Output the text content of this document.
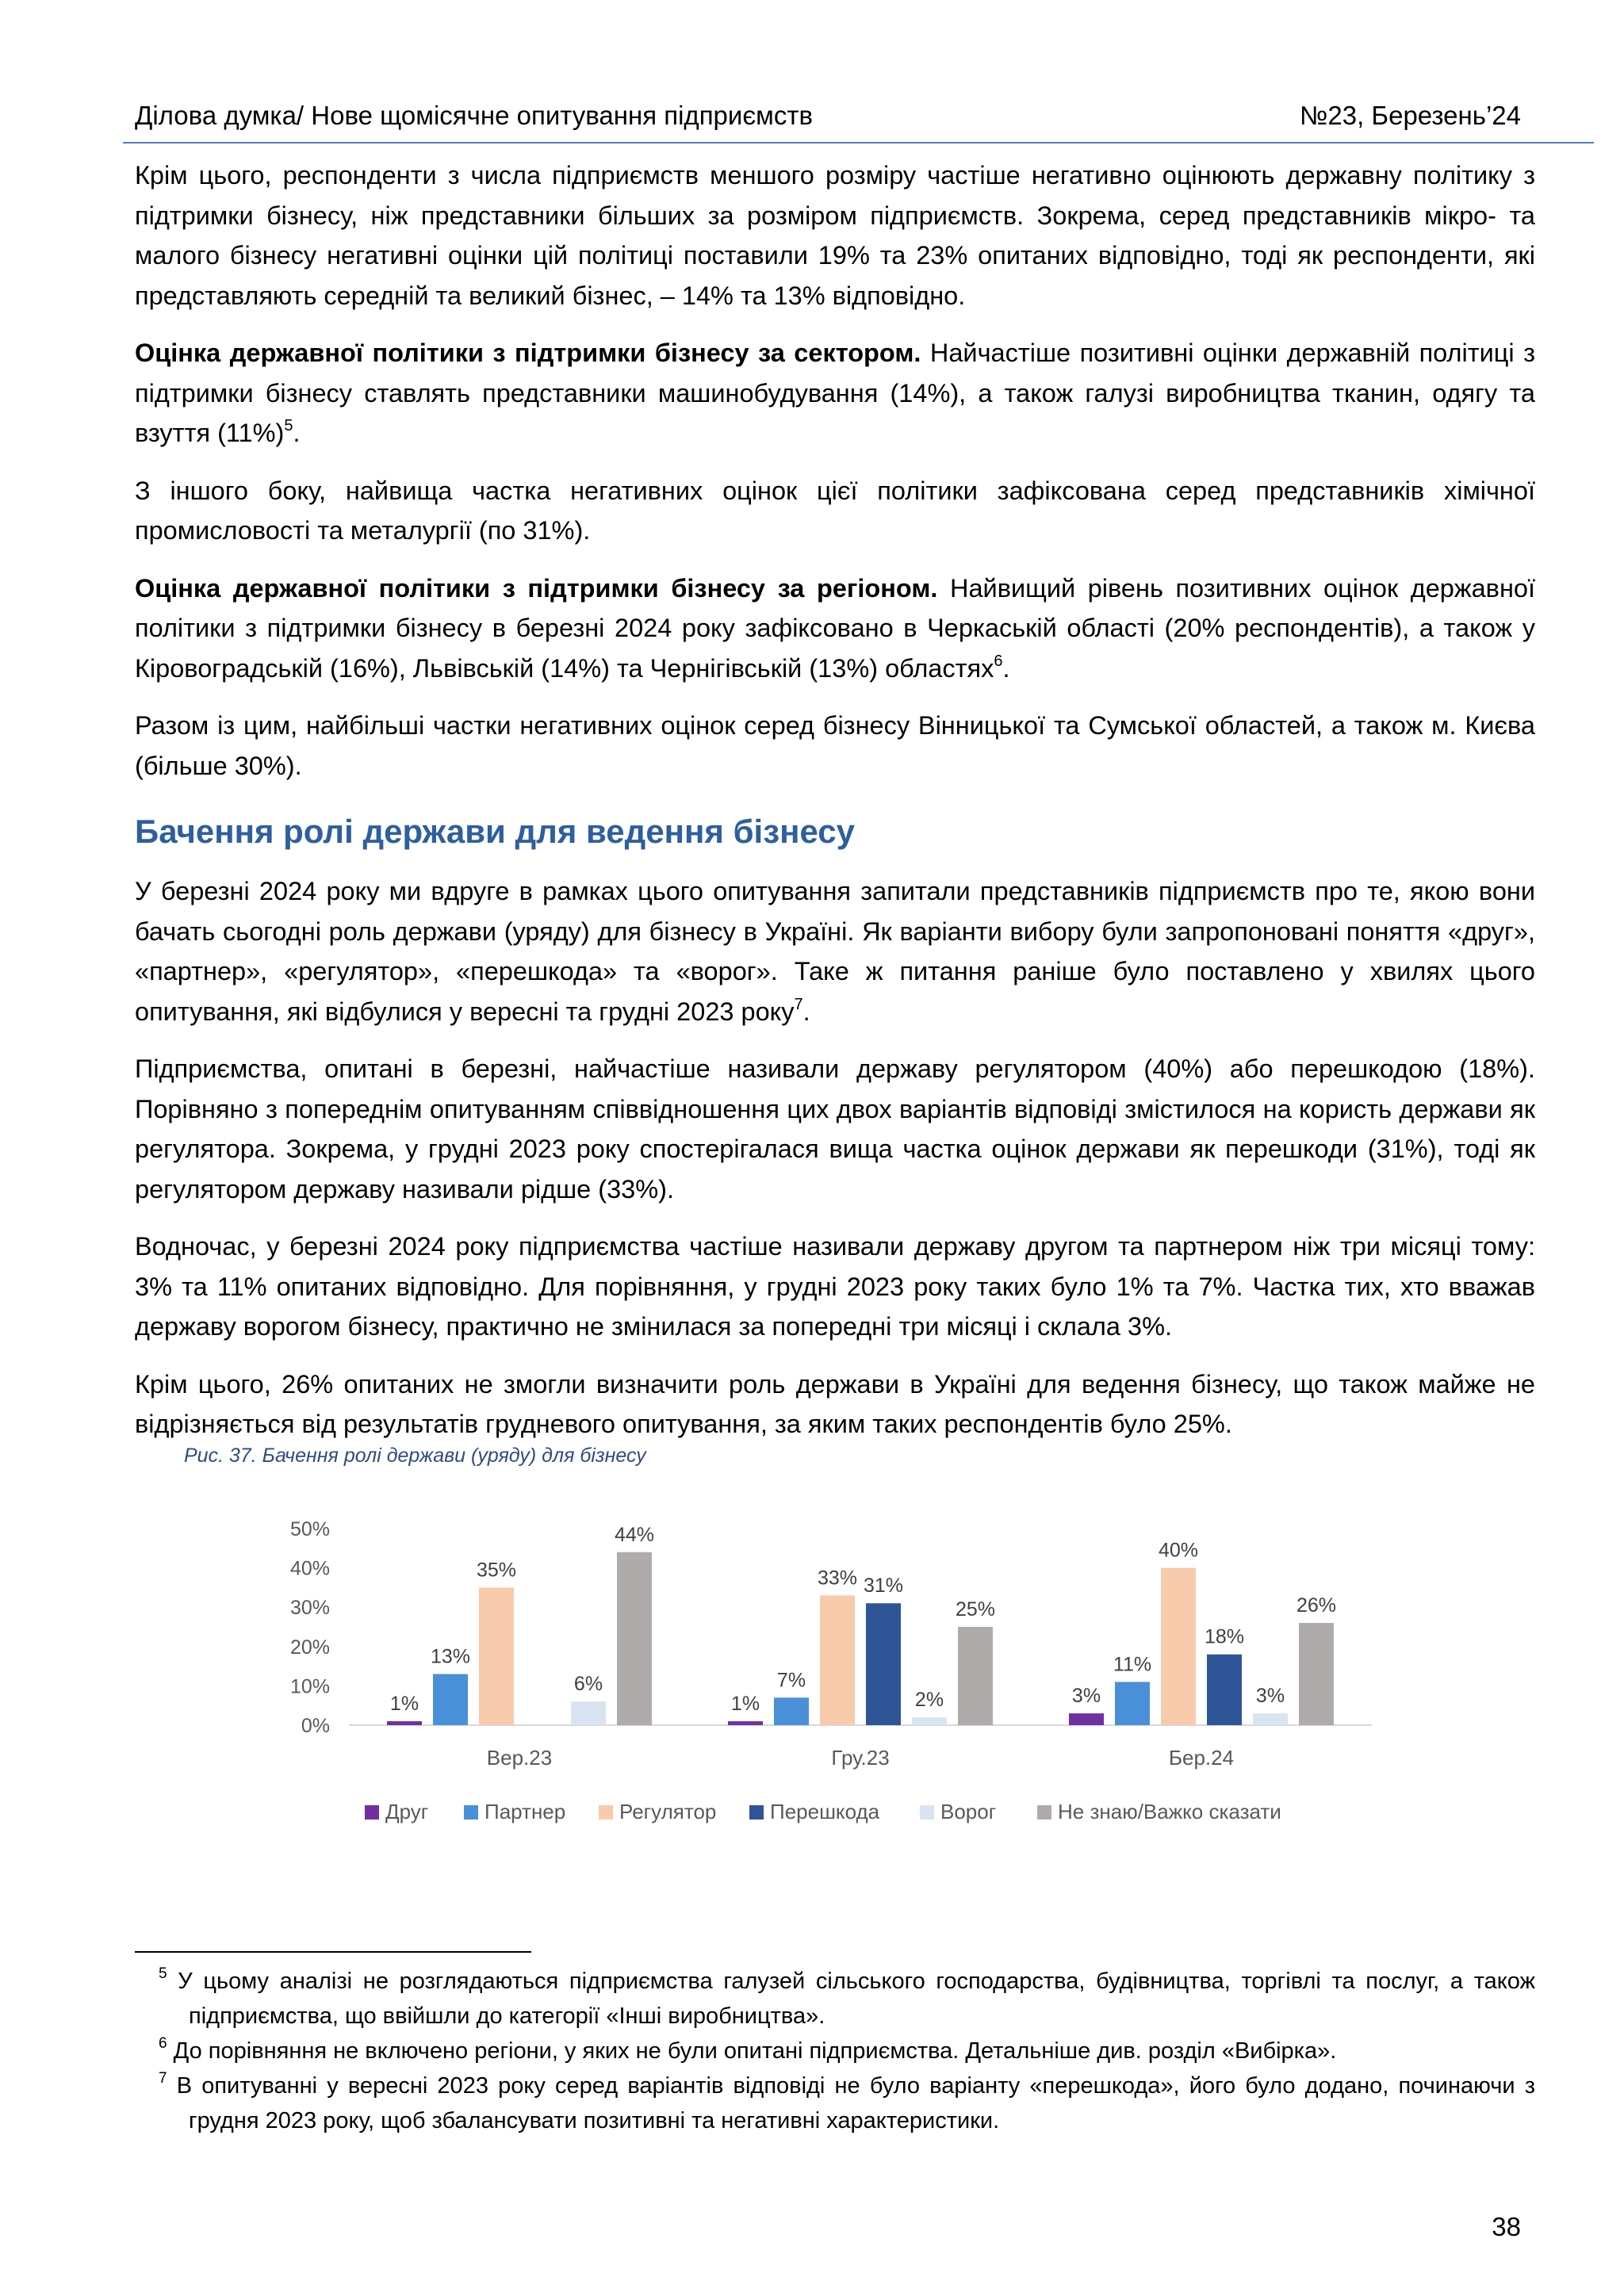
Ділова думка/ Нове щомісячне опитування підприємств	№23, Березень’24

Крім цього, респонденти з числа підприємств меншого розміру частіше негативно оцінюють державну політику з підтримки бізнесу, ніж представники більших за розміром підприємств. Зокрема, серед представників мікро- та малого бізнесу негативні оцінки цій політиці поставили 19% та 23% опитаних відповідно, тоді як респонденти, які представляють середній та великий бізнес, – 14% та 13% відповідно.

Оцінка державної політики з підтримки бізнесу за сектором. Найчастіше позитивні оцінки державній політиці з підтримки бізнесу ставлять представники машинобудування (14%), а також галузі виробництва тканин, одягу та взуття $(11\%)^5$.

З іншого боку, найвища частка негативних оцінок цієї політики зафіксована серед представників хімічної промисловості та металургії (по 31%).

Оцінка державної політики з підтримки бізнесу за регіоном. Найвищий рівень позитивних оцінок державної політики з підтримки бізнесу в березні 2024 року зафіксовано в Черкаській області (20% респондентів), а також у Кіровоградській (16%), Львівській (14%) та Чернігівській (13%) областях$^6$.

Разом із цим, найбільші частки негативних оцінок серед бізнесу Вінницької та Сумської областей, а також м. Києва (більше 30%).

Бачення ролі держави для ведення бізнесу

У березні 2024 року ми вдруге в рамках цього опитування запитали представників підприємств про те, якою вони бачать сьогодні роль держави (уряду) для бізнесу в Україні. Як варіанти вибору були запропоновані поняття «друг», «партнер», «регулятор», «перешкода» та «ворог». Таке ж питання раніше було поставлено у хвилях цього опитування, які відбулися у вересні та грудні 2023 року$^7$.

Підприємства, опитані в березні, найчастіше називали державу регулятором (40%) або перешкодою (18%). Порівняно з попереднім опитуванням співвідношення цих двох варіантів відповіді змістилося на користь держави як регулятора. Зокрема, у грудні 2023 року спостерігалася вища частка оцінок держави як перешкоди (31%), тоді як регулятором державу називали рідше (33%).

Водночас, у березні 2024 року підприємства частіше називали державу другом та партнером ніж три місяці тому: 3% та 11% опитаних відповідно. Для порівняння, у грудні 2023 року таких було 1% та 7%. Частка тих, хто вважав державу ворогом бізнесу, практично не змінилася за попередні три місяці і склала 3%.

Крім цього, 26% опитаних не змогли визначити роль держави в Україні для ведення бізнесу, що також майже не відрізняється від результатів грудневого опитування, за яким таких респондентів було 25%.

Рис. 37. Бачення ролі держави (уряду) для бізнесу
0%
10%
20%
30%
40%
50%
1%
13%
35%
6%
44%
Вер.23
1%
7%
33% 31%
2%
25%
Гру.23
3%
11%
40%
18%
3%
26%
Бер.24
Друг	Партнер	Регулятор	Перешкода	Ворог	Не знаю/Важко сказати

$^5$ У цьому аналізі не розглядаються підприємства галузей сільського господарства, будівництва, торгівлі та послуг, а також підприємства, що ввійшли до категорії «Інші виробництва».

$^6$ До порівняння не включено регіони, у яких не були опитані підприємства. Детальніше див. розділ «Вибірка».

$^7$ В опитуванні у вересні 2023 року серед варіантів відповіді не було варіанту «перешкода», його було додано, починаючи з грудня 2023 року, щоб збалансувати позитивні та негативні характеристики.

38
